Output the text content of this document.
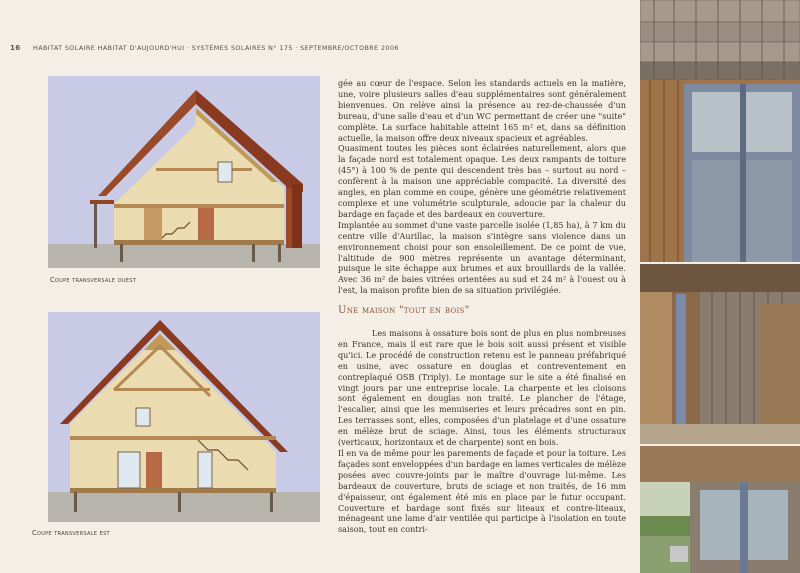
16 HABITAT SOLAIRE HABITAT D'AUJOURD'HUI · SYSTÈMES SOLAIRES N° 175 · SEPTEMBRE/OCTOBRE 2006
Coupe transversale ouest
Coupe transversale est

gée au cœur de l'espace. Selon les standards actuels en la matière, une, voire plusieurs salles d'eau supplémentaires sont généralement bienvenues. On relève ainsi la présence au rez-de-chaussée d'un bureau, d'une salle d'eau et d'un WC permettant de créer une "suite" complète. La surface habitable atteint 165 m² et, dans sa définition actuelle, la maison offre deux niveaux spacieux et agréables.

Quasiment toutes les pièces sont éclairées naturellement, alors que la façade nord est totalement opaque. Les deux rampants de toiture (45°) à 100 % de pente qui descendent très bas – surtout au nord – confèrent à la maison une appréciable compacité. La diversité des angles, en plan comme en coupe, génère une géométrie relativement complexe et une volumétrie sculpturale, adoucie par la chaleur du bardage en façade et des bardeaux en couverture.

Implantée au sommet d'une vaste parcelle isolée (1,85 ha), à 7 km du centre ville d'Aurillac, la maison s'intègre sans violence dans un environnement choisi pour son ensoleillement. De ce point de vue, l'altitude de 900 mètres représente un avantage déterminant, puisque le site échappe aux brumes et aux brouillards de la vallée. Avec 36 m² de baies vitrées orientées au sud et 24 m² à l'ouest ou à l'est, la maison profite bien de sa situation privilégiée.

Une maison "tout en bois"

Les maisons à ossature bois sont de plus en plus nombreuses en France, mais il est rare que le bois soit aussi présent et visible qu'ici. Le procédé de construction retenu est le panneau préfabriqué en usine, avec ossature en douglas et contreventement en contreplaqué OSB (Triply). Le montage sur le site a été finalisé en vingt jours par une entreprise locale. La charpente et les cloisons sont également en douglas non traité. Le plancher de l'étage, l'escalier, ainsi que les menuiseries et leurs précadres sont en pin. Les terrasses sont, elles, composées d'un platelage et d'une ossature en mélèze brut de sciage. Ainsi, tous les éléments structuraux (verticaux, horizontaux et de charpente) sont en bois.

Il en va de même pour les parements de façade et pour la toiture. Les façades sont enveloppées d'un bardage en lames verticales de mélèze posées avec couvre-joints par le maître d'ouvrage lui-même. Les bardeaux de couverture, bruts de sciage et non traités, de 16 mm d'épaisseur, ont également été mis en place par le futur occupant. Couverture et bardage sont fixés sur liteaux et contre-liteaux, ménageant une lame d'air ventilée qui participe à l'isolation en toute saison, tout en contri-
